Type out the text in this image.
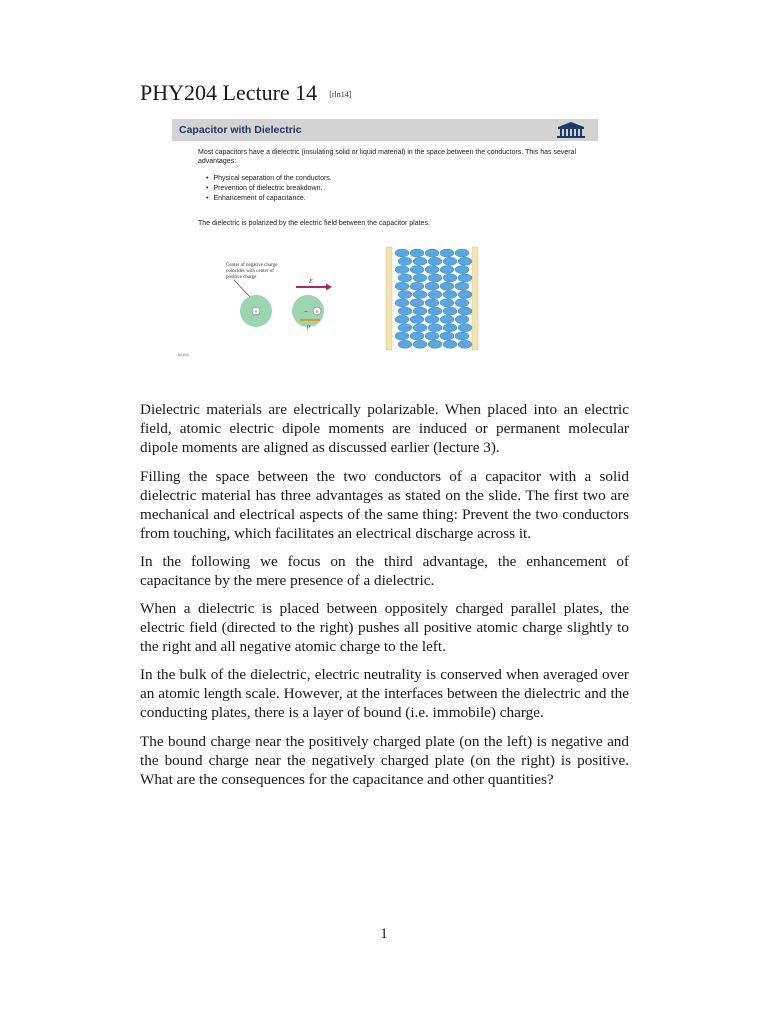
PHY204 Lecture 14 [rln14]
Capacitor with Dielectric
Most capacitors have a dielectric (insulating solid or liquid material) in the space between the conductors. This has several advantages:
• Physical separation of the conductors.
• Prevention of dielectric breakdown.
• Enhancement of capacitance.
The dielectric is polarized by the electric field between the capacitor plates.
Center of negative charge
coincides with center of
positive charge
+
E
+
−
p
tsl104

Dielectric materials are electrically polarizable. When placed into an electric field, atomic electric dipole moments are induced or permanent molecular dipole moments are aligned as discussed earlier (lecture 3).

Filling the space between the two conductors of a capacitor with a solid dielectric material has three advantages as stated on the slide. The first two are mechanical and electrical aspects of the same thing: Prevent the two conductors from touching, which facilitates an electrical discharge across it.

In the following we focus on the third advantage, the enhancement of capacitance by the mere presence of a dielectric.

When a dielectric is placed between oppositely charged parallel plates, the electric field (directed to the right) pushes all positive atomic charge slightly to the right and all negative atomic charge to the left.

In the bulk of the dielectric, electric neutrality is conserved when averaged over an atomic length scale. However, at the interfaces between the dielectric and the conducting plates, there is a layer of bound (i.e. immobile) charge.

The bound charge near the positively charged plate (on the left) is negative and the bound charge near the negatively charged plate (on the right) is positive. What are the consequences for the capacitance and other quantities?

1
